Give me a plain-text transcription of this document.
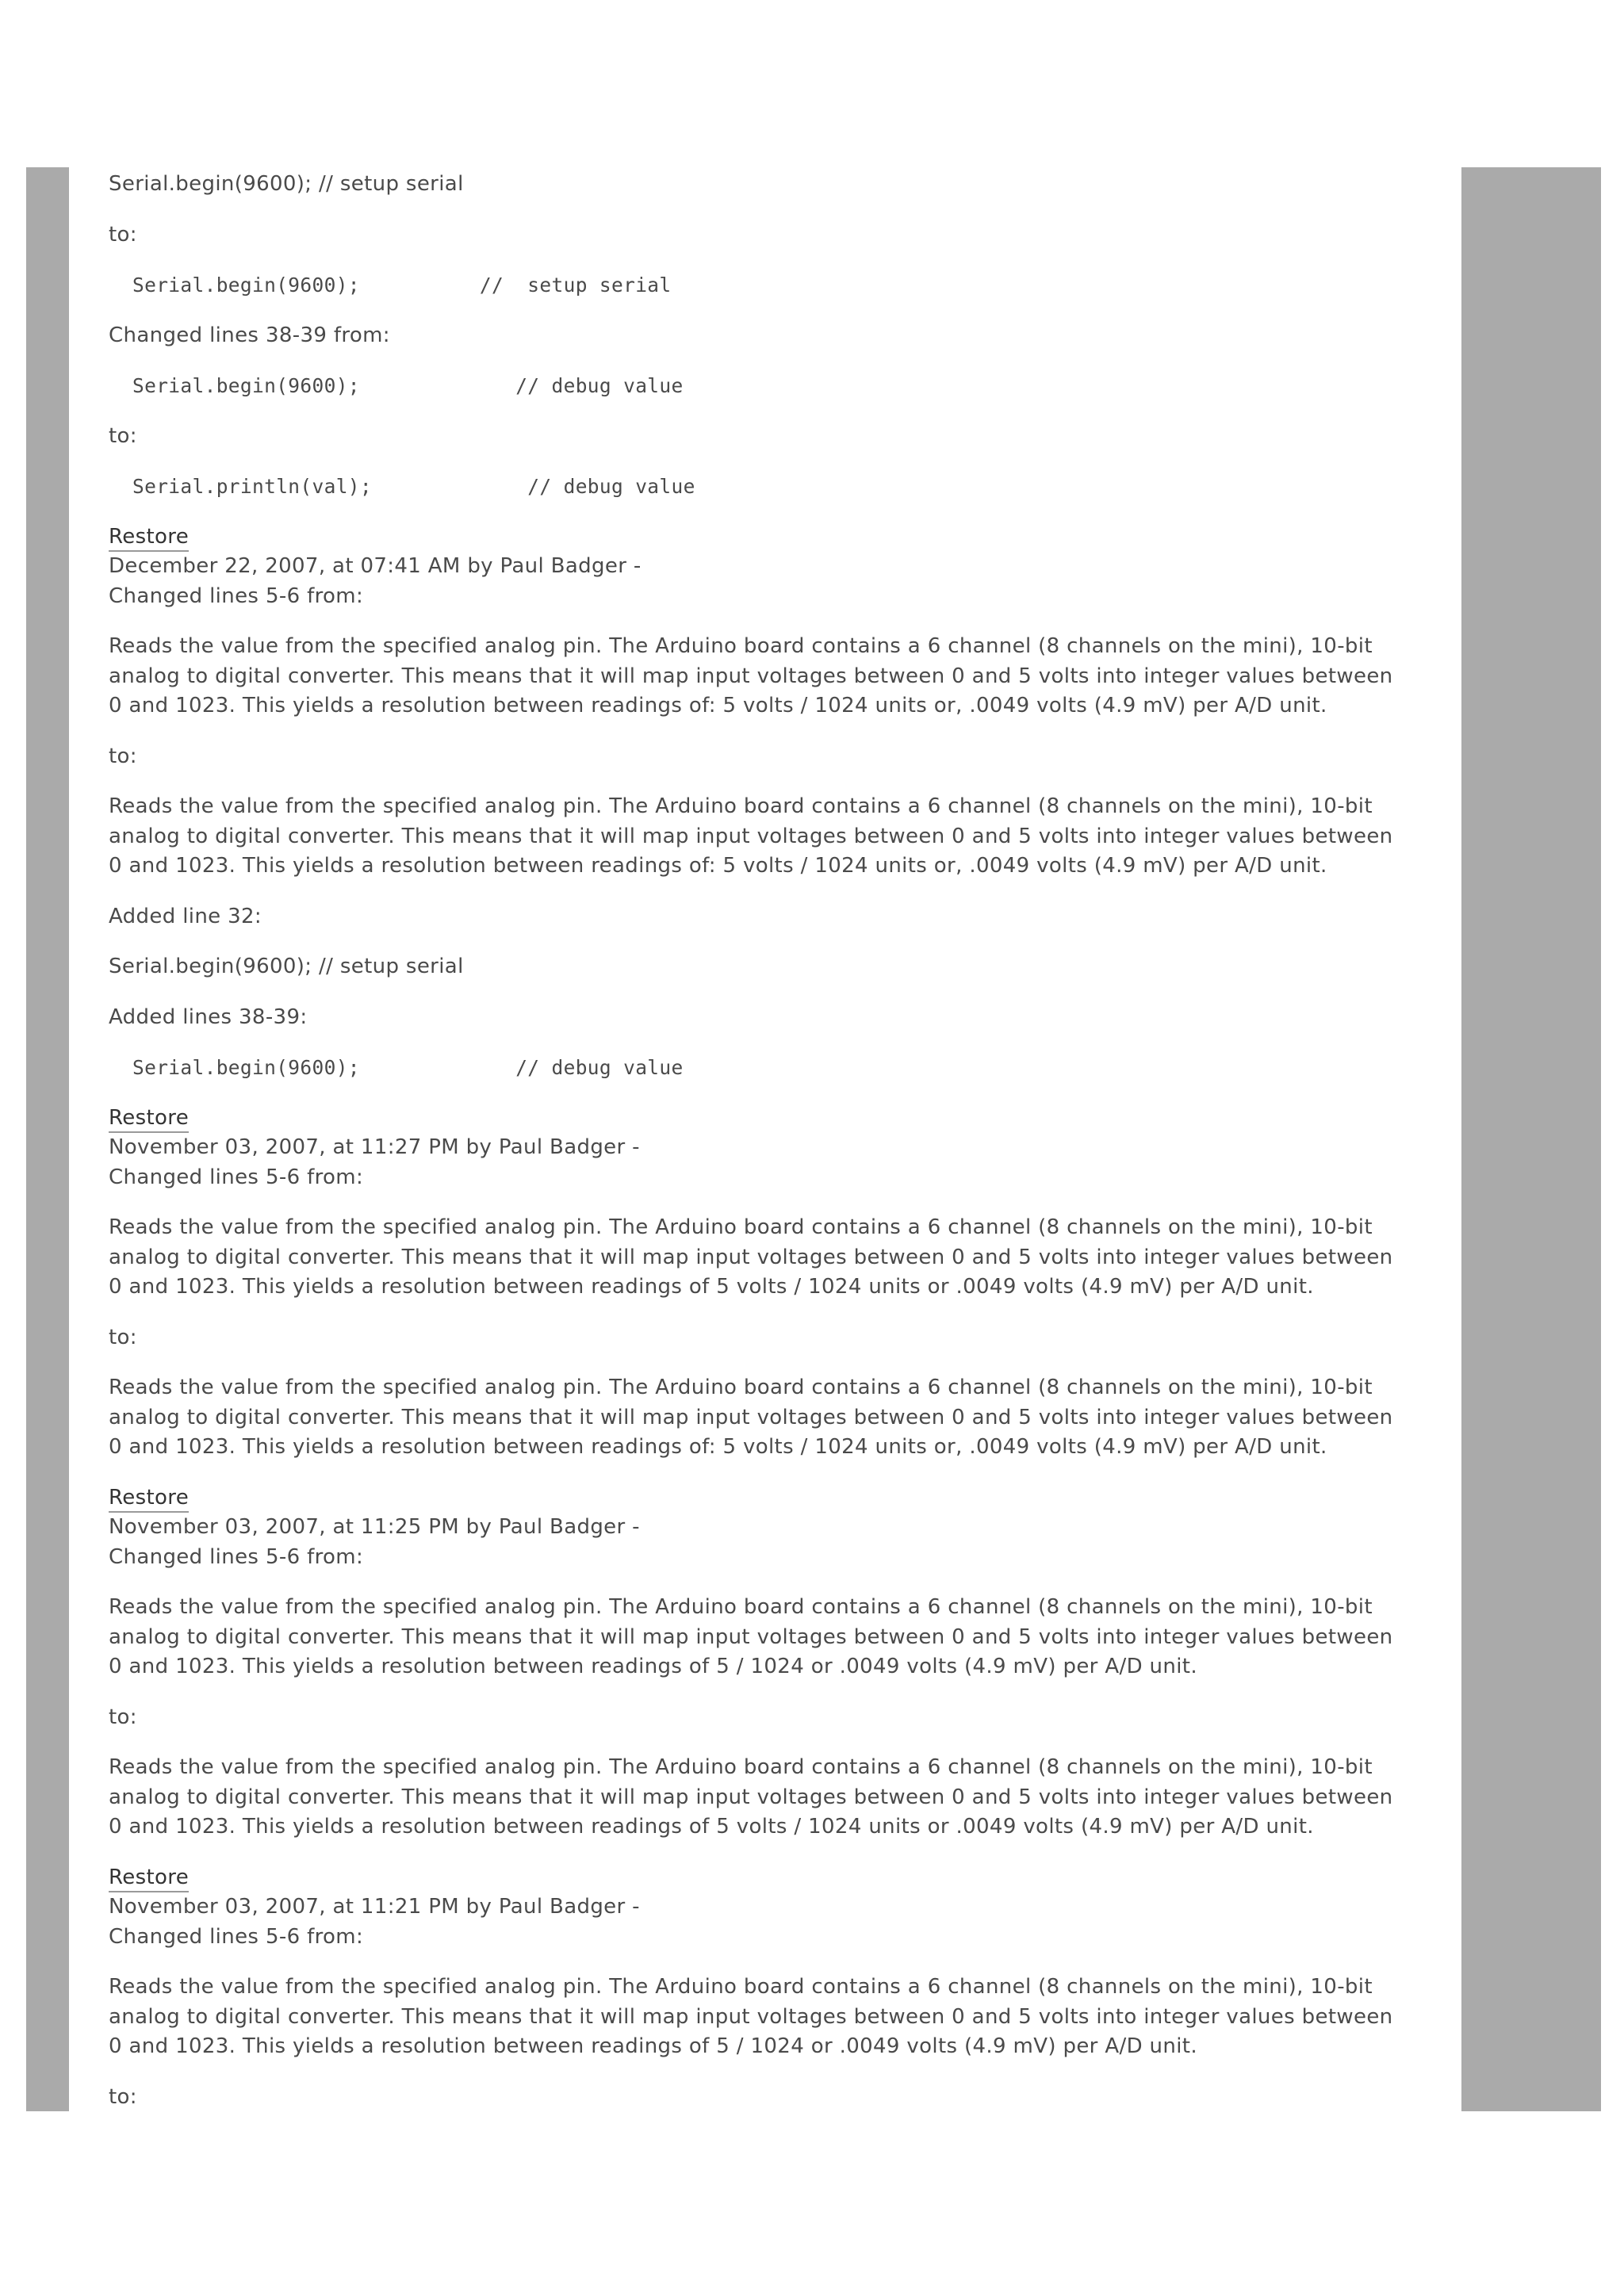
Serial.begin(9600); // setup serial

to:

Serial.begin(9600);          //  setup serial

Changed lines 38-39 from:

Serial.begin(9600);             // debug value

to:

Serial.println(val);             // debug value
Restore
December 22, 2007, at 07:41 AM by Paul Badger -
Changed lines 5-6 from:

Reads the value from the specified analog pin. The Arduino board contains a 6 channel (8 channels on the mini), 10-bit analog to digital converter. This means that it will map input voltages between 0 and 5 volts into integer values between 0 and 1023. This yields a resolution between readings of: 5 volts / 1024 units or, .0049 volts (4.9 mV) per A/D unit.

to:

Reads the value from the specified analog pin. The Arduino board contains a 6 channel (8 channels on the mini), 10-bit analog to digital converter. This means that it will map input voltages between 0 and 5 volts into integer values between 0 and 1023. This yields a resolution between readings of: 5 volts / 1024 units or, .0049 volts (4.9 mV) per A/D unit.

Added line 32:

Serial.begin(9600); // setup serial

Added lines 38-39:

Serial.begin(9600);             // debug value
Restore
November 03, 2007, at 11:27 PM by Paul Badger -
Changed lines 5-6 from:

Reads the value from the specified analog pin. The Arduino board contains a 6 channel (8 channels on the mini), 10-bit analog to digital converter. This means that it will map input voltages between 0 and 5 volts into integer values between 0 and 1023. This yields a resolution between readings of 5 volts / 1024 units or .0049 volts (4.9 mV) per A/D unit.

to:

Reads the value from the specified analog pin. The Arduino board contains a 6 channel (8 channels on the mini), 10-bit analog to digital converter. This means that it will map input voltages between 0 and 5 volts into integer values between 0 and 1023. This yields a resolution between readings of: 5 volts / 1024 units or, .0049 volts (4.9 mV) per A/D unit.

Restore
November 03, 2007, at 11:25 PM by Paul Badger -
Changed lines 5-6 from:

Reads the value from the specified analog pin. The Arduino board contains a 6 channel (8 channels on the mini), 10-bit analog to digital converter. This means that it will map input voltages between 0 and 5 volts into integer values between 0 and 1023. This yields a resolution between readings of 5 / 1024 or .0049 volts (4.9 mV) per A/D unit.

to:

Reads the value from the specified analog pin. The Arduino board contains a 6 channel (8 channels on the mini), 10-bit analog to digital converter. This means that it will map input voltages between 0 and 5 volts into integer values between 0 and 1023. This yields a resolution between readings of 5 volts / 1024 units or .0049 volts (4.9 mV) per A/D unit.

Restore
November 03, 2007, at 11:21 PM by Paul Badger -
Changed lines 5-6 from:

Reads the value from the specified analog pin. The Arduino board contains a 6 channel (8 channels on the mini), 10-bit analog to digital converter. This means that it will map input voltages between 0 and 5 volts into integer values between 0 and 1023. This yields a resolution between readings of 5 / 1024 or .0049 volts (4.9 mV) per A/D unit.

to:
